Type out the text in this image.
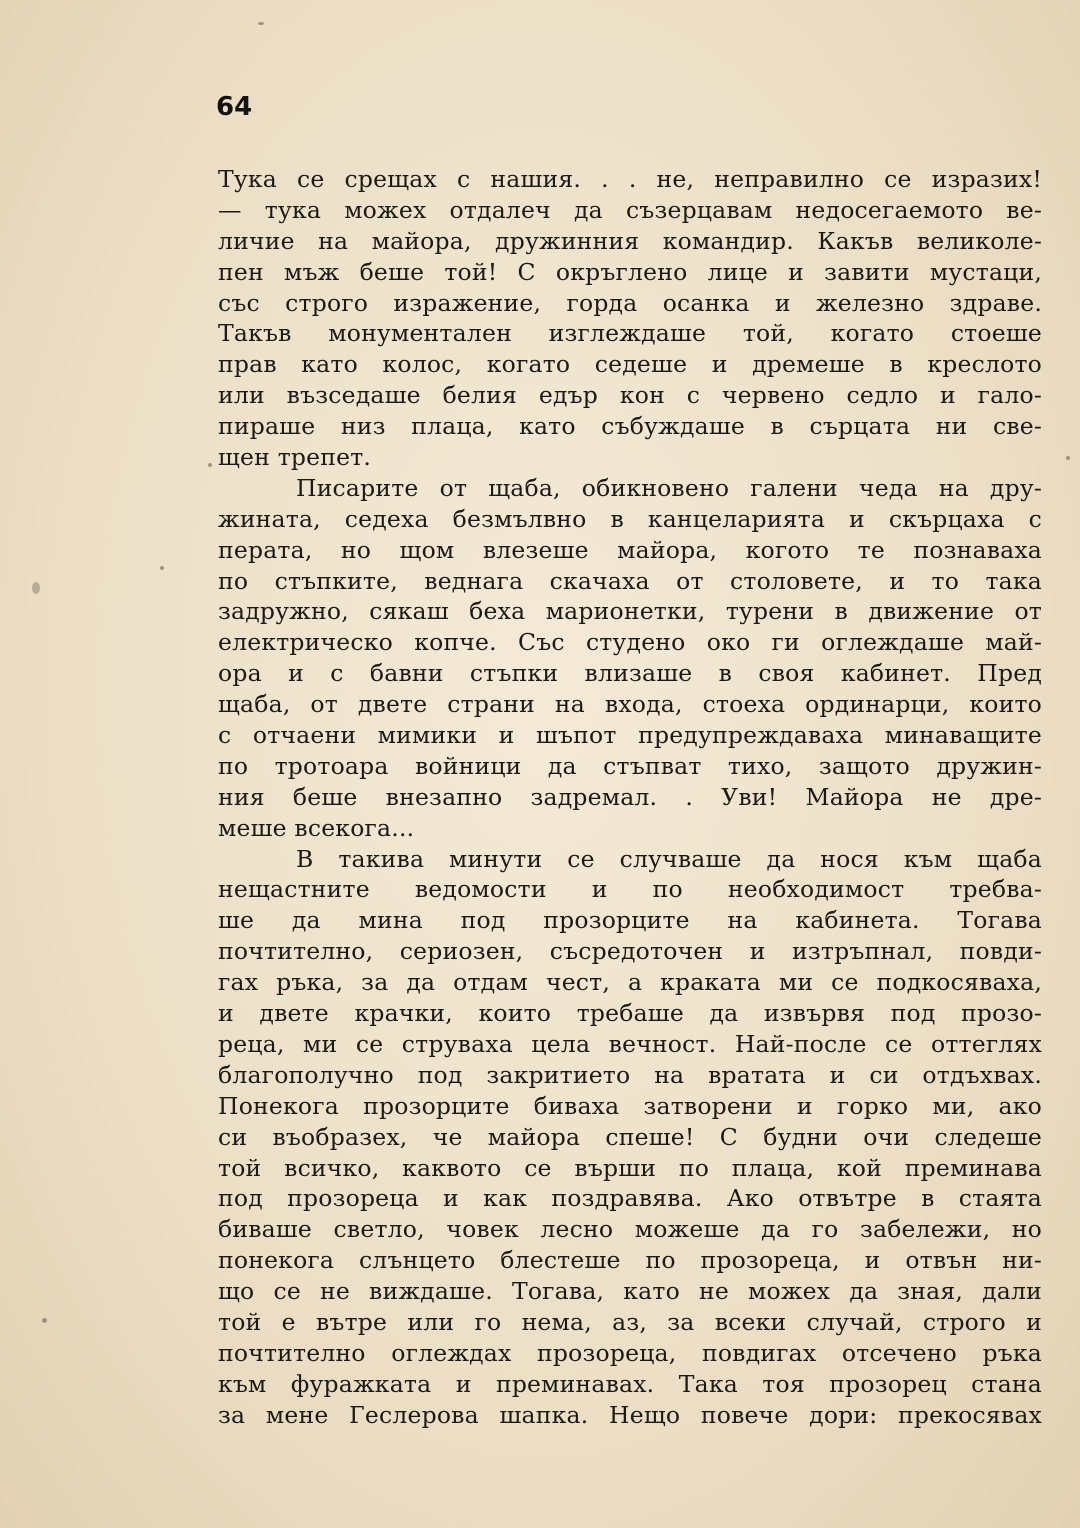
64
Тука се срещах с нашия. . . не, неправилно се изразих!
— тука можех отдалеч да съзерцавам недосегаемото ве-
личие на майора, дружинния командир. Какъв великоле-
пен мъж беше той! С окръглено лице и завити мустаци,
със строго изражение, горда осанка и железно здраве.
Такъв монументален изглеждаше той, когато стоеше
прав като колос, когато седеше и дремеше в креслото
или възседаше белия едър кон с червено седло и гало-
пираше низ плаца, като събуждаше в сърцата ни све-
щен трепет.
Писарите от щаба, обикновено галени чеда на дру-
жината, седеха безмълвно в канцеларията и скърцаха с
перата, но щом влезеше майора, когото те познаваха
по стъпките, веднага скачаха от столовете, и то така
задружно, сякаш беха марионетки, турени в движение от
електрическо копче. Със студено око ги оглеждаше май-
ора и с бавни стъпки влизаше в своя кабинет. Пред
щаба, от двете страни на входа, стоеха ординарци, които
с отчаени мимики и шъпот предупреждаваха минаващите
по тротоара войници да стъпват тихо, защото дружин-
ния беше внезапно задремал. . Уви! Майора не дре-
меше всекога...
В такива минути се случваше да нося към щаба
нещастните ведомости и по необходимост требва-
ше да мина под прозорците на кабинета. Тогава
почтително, сериозен, съсредоточен и изтръпнал, повди-
гах ръка, за да отдам чест, а краката ми се подкосяваха,
и двете крачки, които требаше да извървя под прозо-
реца, ми се струваха цела вечност. Най-после се оттеглях
благополучно под закритието на вратата и си отдъхвах.
Понекога прозорците биваха затворени и горко ми, ако
си въобразех, че майора спеше! С будни очи следеше
той всичко, каквото се върши по плаца, кой преминава
под прозореца и как поздравява. Ако отвътре в стаята
биваше светло, човек лесно можеше да го забележи, но
понекога слънцето блестеше по прозореца, и отвън ни-
що се не виждаше. Тогава, като не можех да зная, дали
той е вътре или го нема, аз, за всеки случай, строго и
почтително оглеждах прозореца, повдигах отсечено ръка
към фуражката и преминавах. Така тоя прозорец стана
за мене Геслерова шапка. Нещо повече дори: прекосявах
